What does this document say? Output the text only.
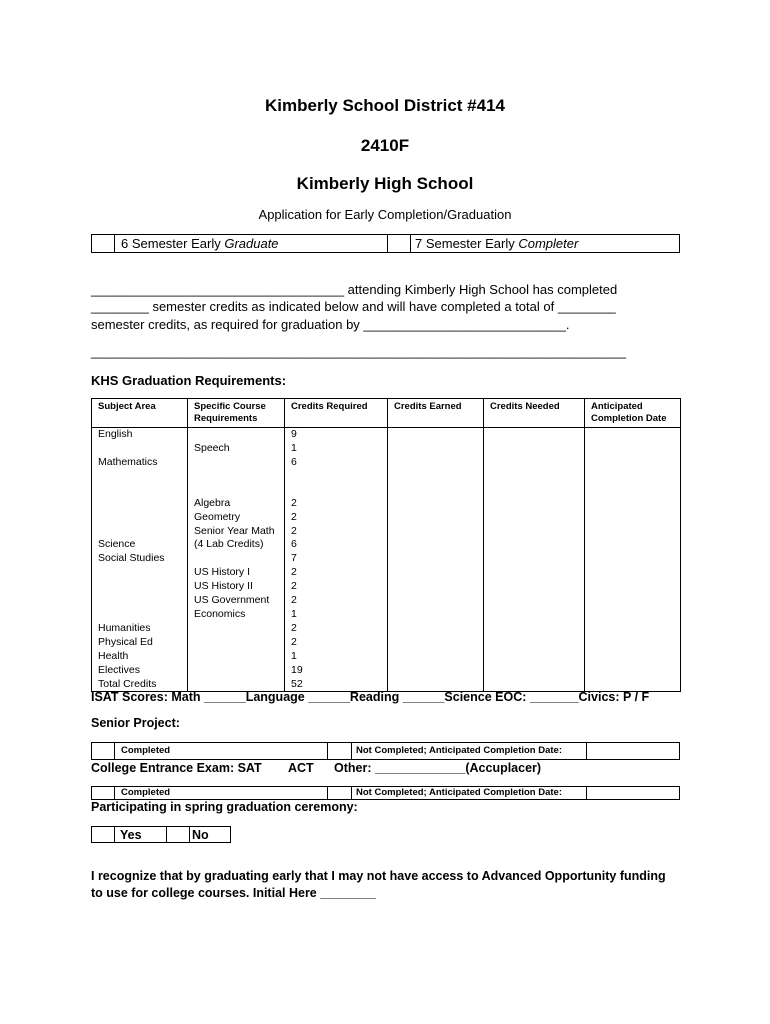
Kimberly School District #414
2410F
Kimberly High School
Application for Early Completion/Graduation
6 Semester Early Graduate	7 Semester Early Completer
___________________________________ attending Kimberly High School has completed
________ semester credits as indicated below and will have completed a total of ________
semester credits, as required for graduation by ____________________________.
__________________________________________________________________________
KHS Graduation Requirements:
Subject Area	Specific Course Requirements	Credits Required	Credits Earned	Credits Needed	Anticipated Completion Date
English		9			
	Speech	1			
Mathematics		6			

	Algebra	2			
	Geometry	2			
	Senior Year Math	2			
Science	(4 Lab Credits)	6			
Social Studies		7			
	US History I	2			
	US History II	2			
	US Government	2			
	Economics	1			
Humanities		2			
Physical Ed		2			
Health		1			
Electives		19			
Total Credits		52			
ISAT Scores: Math ______Language ______Reading ______Science EOC: _______Civics: P / F
Senior Project:
Completed	Not Completed; Anticipated Completion Date:
College Entrance Exam: SAT ACT Other: _____________(Accuplacer)
Completed	Not Completed; Anticipated Completion Date:
Participating in spring graduation ceremony:
Yes	No
I recognize that by graduating early that I may not have access to Advanced Opportunity funding
to use for college courses. Initial Here ________
